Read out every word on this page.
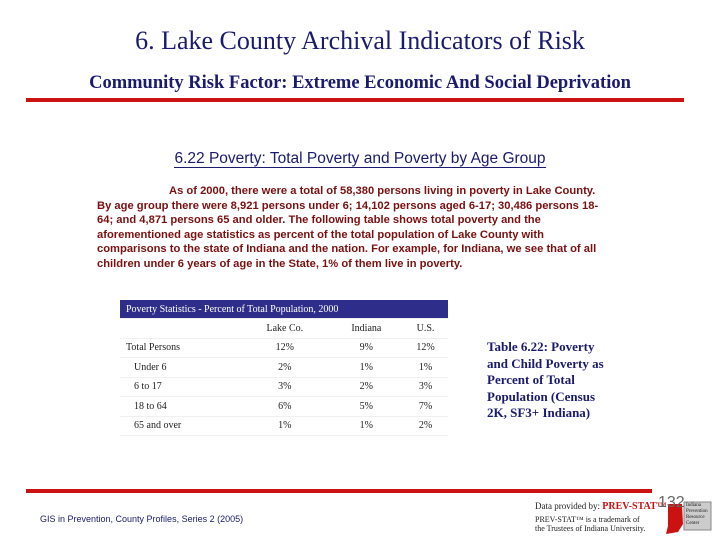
6. Lake County Archival Indicators of Risk
Community Risk Factor: Extreme Economic And Social Deprivation
6.22 Poverty: Total Poverty and Poverty by Age Group
As of 2000, there were a total of 58,380 persons living in poverty in Lake County. By age group there were 8,921 persons under 6; 14,102 persons aged 6-17; 30,486 persons 18-64; and 4,871 persons 65 and older. The following table shows total poverty and the aforementioned age statistics as percent of the total population of Lake County with comparisons to the state of Indiana and the nation. For example, for Indiana, we see that of all children under 6 years of age in the State, 1% of them live in poverty.
Poverty Statistics - Percent of Total Population, 2000			
	Lake Co.	Indiana	U.S.
Total Persons	12%	9%	12%
Under 6	2%	1%	1%
6 to 17	3%	2%	3%
18 to 64	6%	5%	7%
65 and over	1%	1%	2%
Table 6.22: Poverty and Child Poverty as Percent of Total Population (Census 2K, SF3+ Indiana)
GIS in Prevention, County Profiles, Series 2 (2005)
Data provided by: PREV-STAT™
PREV-STAT™ is a trademark of the Trustees of Indiana University.
Indiana Prevention Resource Center
132
